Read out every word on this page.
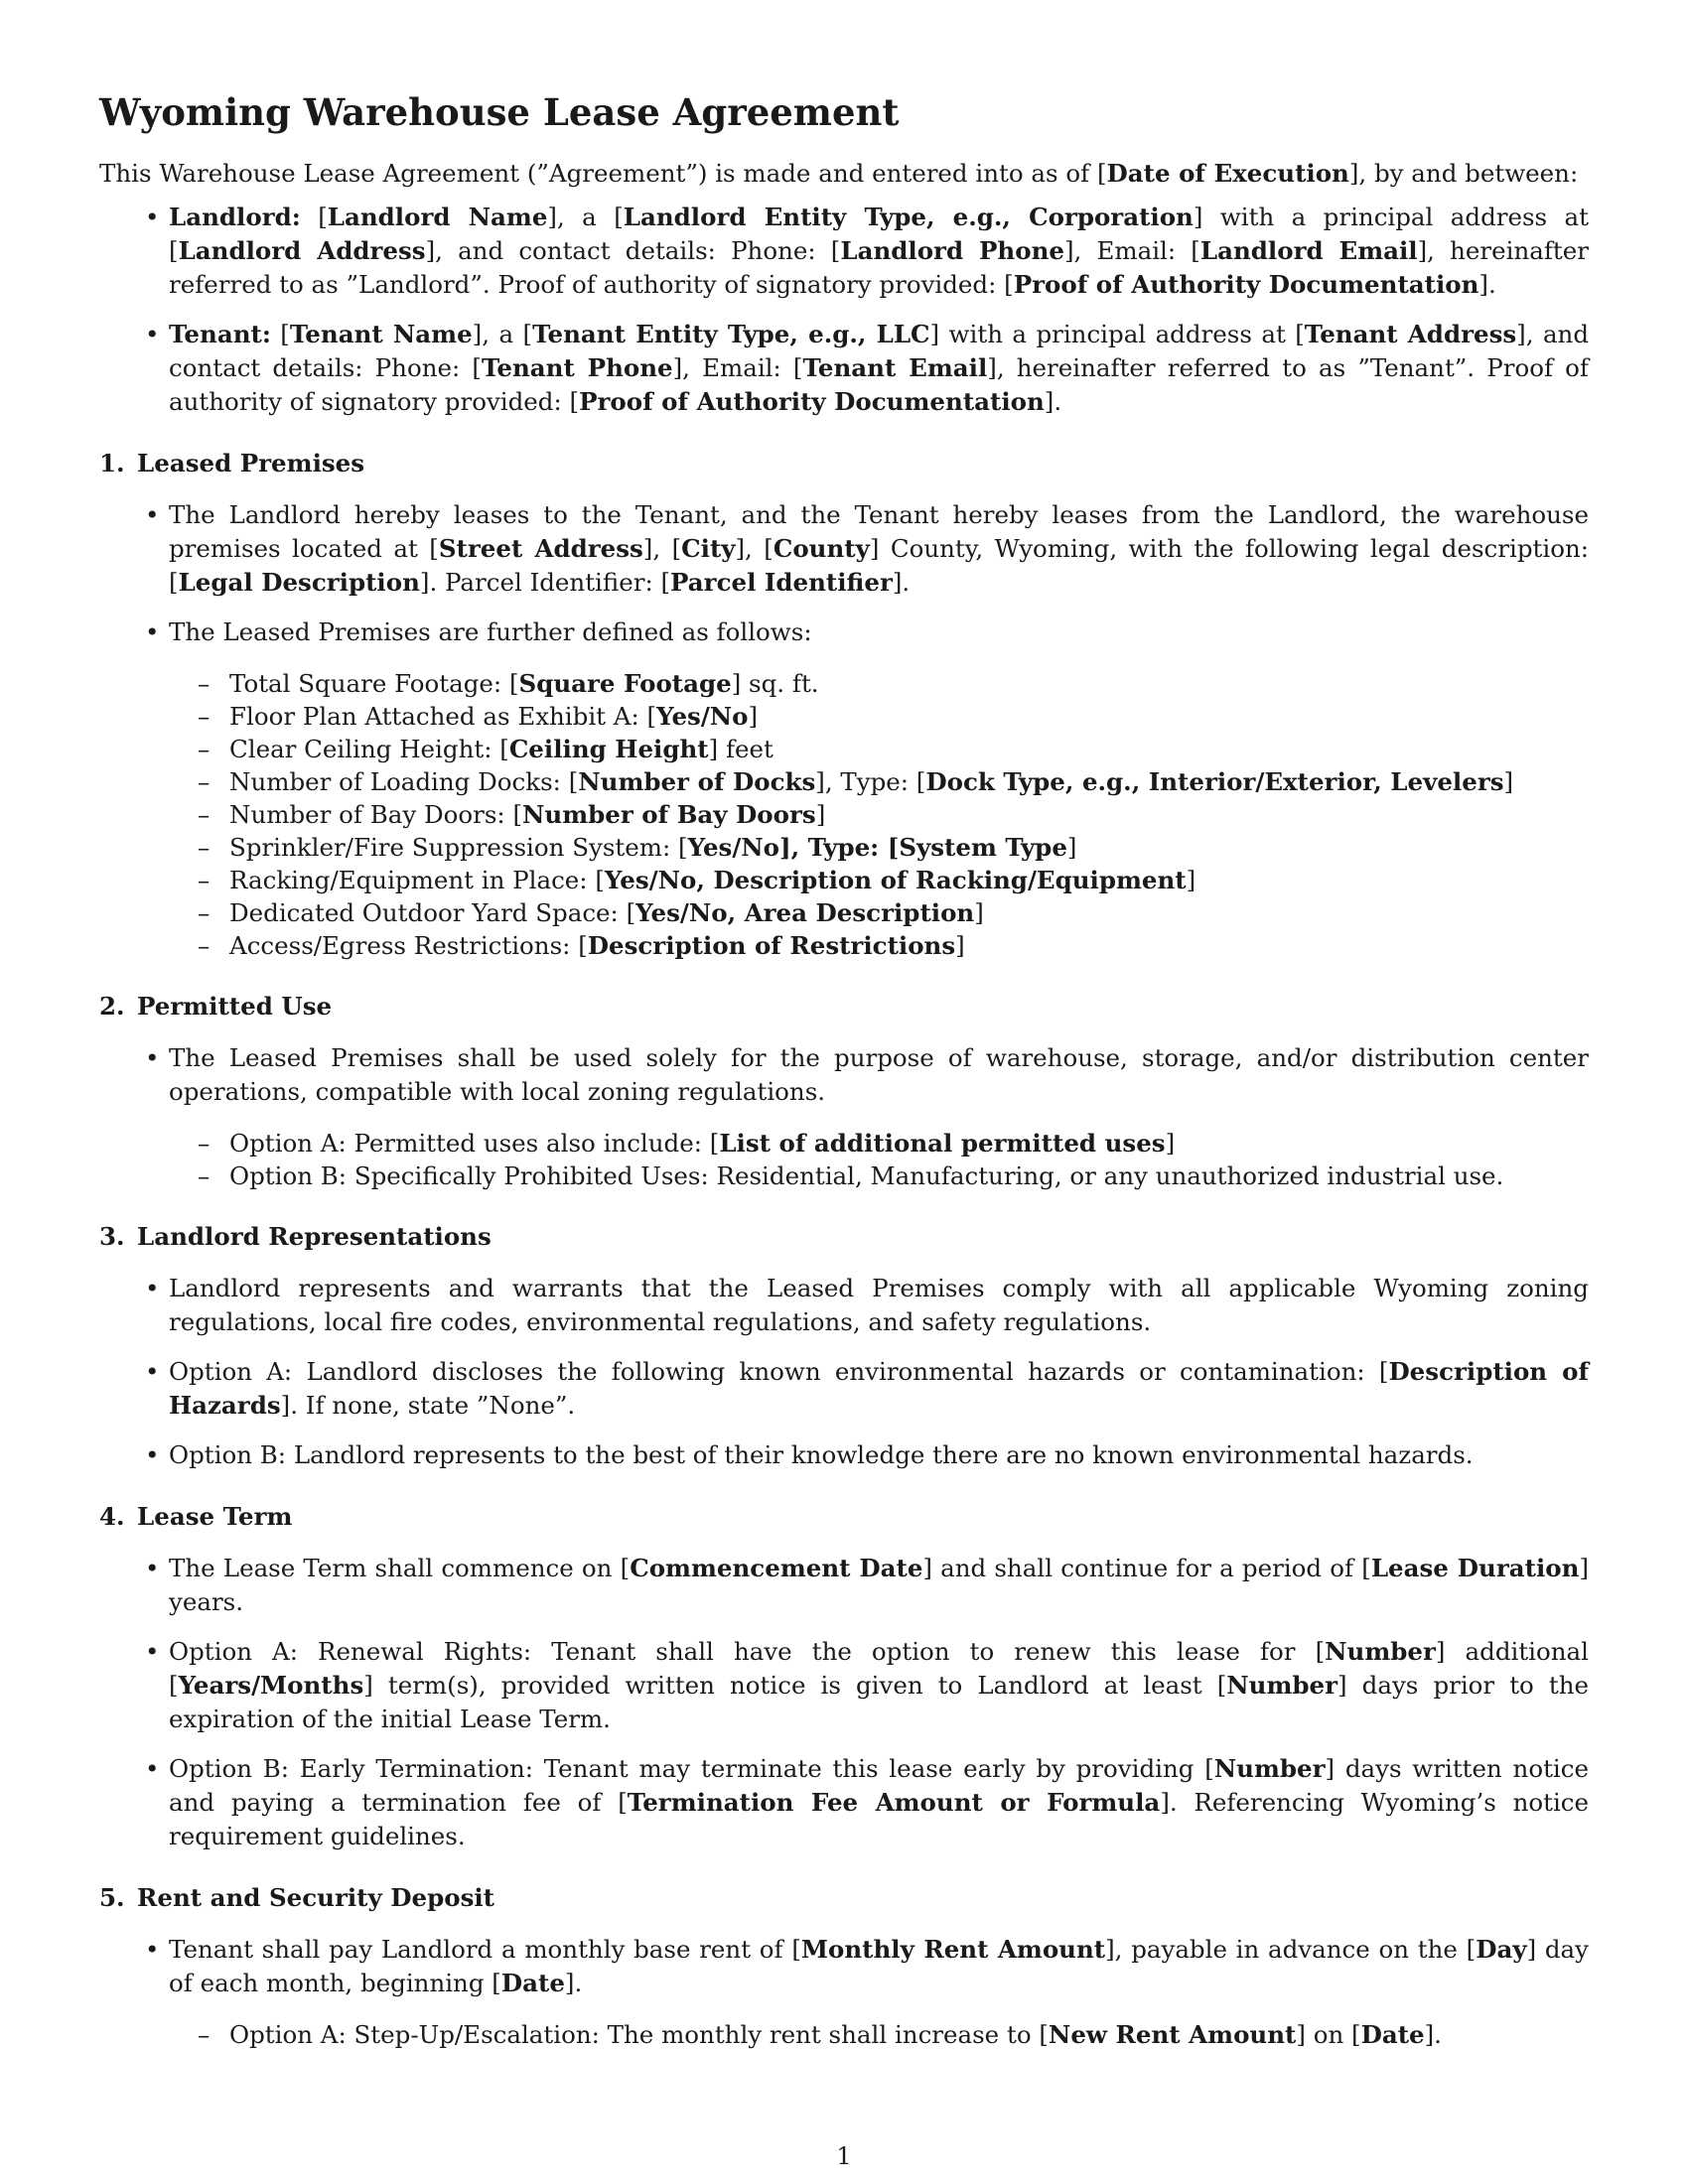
Wyoming Warehouse Lease Agreement

This Warehouse Lease Agreement (”Agreement”) is made and entered into as of [Date of Execution], by and between:

• Landlord: [Landlord Name], a [Landlord Entity Type, e.g., Corporation] with a principal address at [Landlord Address], and contact details: Phone: [Landlord Phone], Email: [Landlord Email], hereinafter referred to as ”Landlord”. Proof of authority of signatory provided: [Proof of Authority Documentation].
• Tenant: [Tenant Name], a [Tenant Entity Type, e.g., LLC] with a principal address at [Tenant Address], and contact details: Phone: [Tenant Phone], Email: [Tenant Email], hereinafter referred to as ”Tenant”. Proof of authority of signatory provided: [Proof of Authority Documentation].
1. Leased Premises
• The Landlord hereby leases to the Tenant, and the Tenant hereby leases from the Landlord, the warehouse premises located at [Street Address], [City], [County] County, Wyoming, with the following legal description: [Legal Description]. Parcel Identifier: [Parcel Identifier].
• The Leased Premises are further defined as follows:
– Total Square Footage: [Square Footage] sq. ft.
– Floor Plan Attached as Exhibit A: [Yes/No]
– Clear Ceiling Height: [Ceiling Height] feet
– Number of Loading Docks: [Number of Docks], Type: [Dock Type, e.g., Interior/Exterior, Levelers]
– Number of Bay Doors: [Number of Bay Doors]
– Sprinkler/Fire Suppression System: [Yes/No], Type: [System Type]
– Racking/Equipment in Place: [Yes/No, Description of Racking/Equipment]
– Dedicated Outdoor Yard Space: [Yes/No, Area Description]
– Access/Egress Restrictions: [Description of Restrictions]
2. Permitted Use
• The Leased Premises shall be used solely for the purpose of warehouse, storage, and/or distribution center operations, compatible with local zoning regulations.
– Option A: Permitted uses also include: [List of additional permitted uses]
– Option B: Specifically Prohibited Uses: Residential, Manufacturing, or any unauthorized industrial use.
3. Landlord Representations
• Landlord represents and warrants that the Leased Premises comply with all applicable Wyoming zoning regulations, local fire codes, environmental regulations, and safety regulations.
• Option A: Landlord discloses the following known environmental hazards or contamination: [Description of Hazards]. If none, state ”None”.
• Option B: Landlord represents to the best of their knowledge there are no known environmental hazards.
4. Lease Term
• The Lease Term shall commence on [Commencement Date] and shall continue for a period of [Lease Duration] years.
• Option A: Renewal Rights: Tenant shall have the option to renew this lease for [Number] additional [Years/Months] term(s), provided written notice is given to Landlord at least [Number] days prior to the expiration of the initial Lease Term.
• Option B: Early Termination: Tenant may terminate this lease early by providing [Number] days written notice and paying a termination fee of [Termination Fee Amount or Formula]. Referencing Wyoming’s notice requirement guidelines.
5. Rent and Security Deposit
• Tenant shall pay Landlord a monthly base rent of [Monthly Rent Amount], payable in advance on the [Day] day of each month, beginning [Date].
– Option A: Step-Up/Escalation: The monthly rent shall increase to [New Rent Amount] on [Date].
1
